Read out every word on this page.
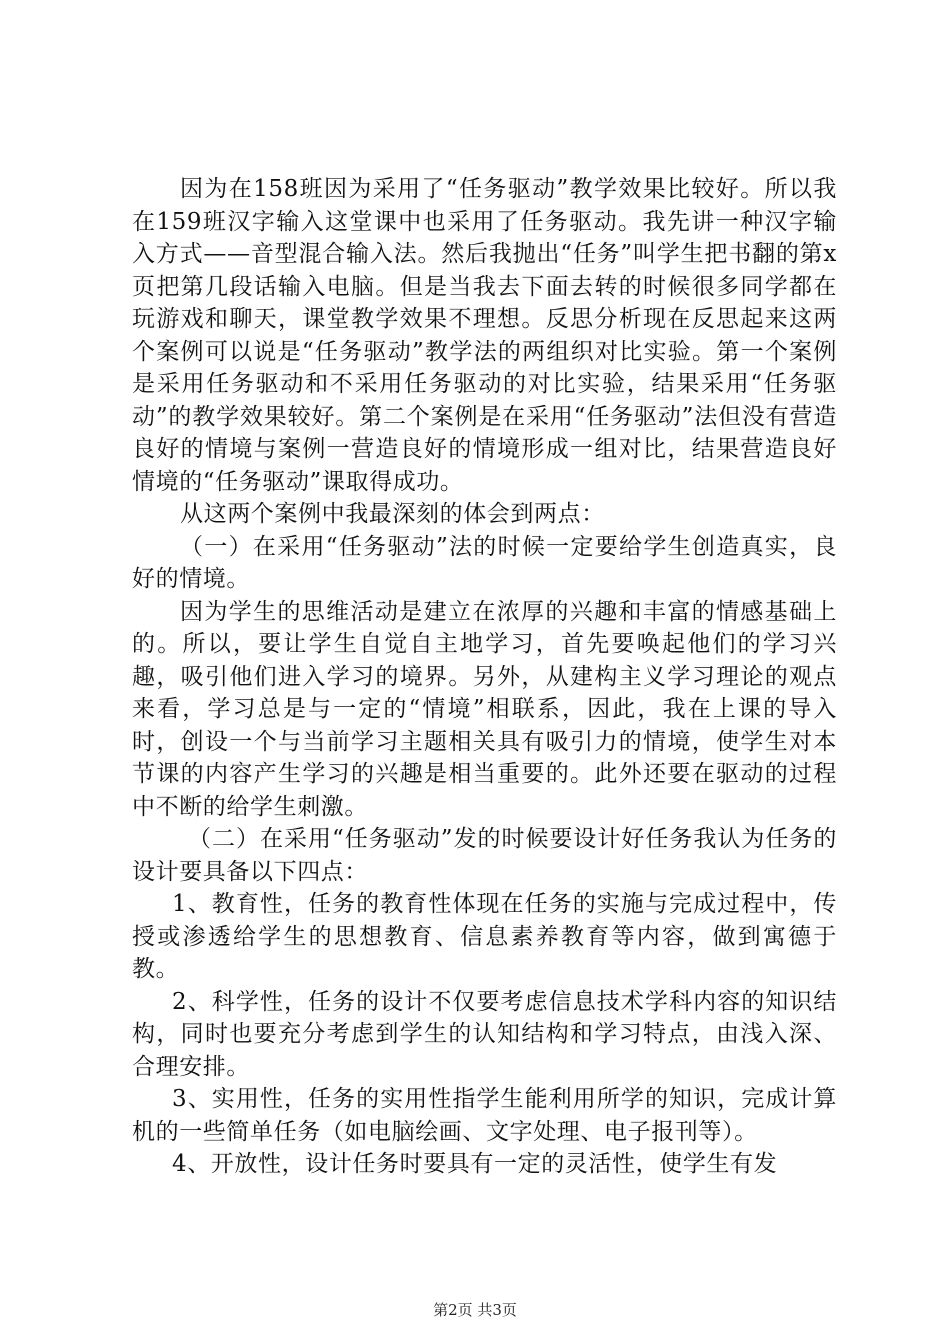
因为在158班因为采用了“任务驱动”教学效果比较好。所以我在159班汉字输入这堂课中也采用了任务驱动。我先讲一种汉字输入方式——音型混合输入法。然后我抛出“任务”叫学生把书翻的第x页把第几段话输入电脑。但是当我去下面去转的时候很多同学都在玩游戏和聊天，课堂教学效果不理想。反思分析现在反思起来这两个案例可以说是“任务驱动”教学法的两组织对比实验。第一个案例是采用任务驱动和不采用任务驱动的对比实验，结果采用“任务驱动”的教学效果较好。第二个案例是在采用“任务驱动”法但没有营造良好的情境与案例一营造良好的情境形成一组对比，结果营造良好情境的“任务驱动”课取得成功。

从这两个案例中我最深刻的体会到两点：

（一）在采用“任务驱动”法的时候一定要给学生创造真实，良好的情境。

因为学生的思维活动是建立在浓厚的兴趣和丰富的情感基础上的。所以，要让学生自觉自主地学习，首先要唤起他们的学习兴趣，吸引他们进入学习的境界。另外，从建构主义学习理论的观点来看，学习总是与一定的“情境”相联系，因此，我在上课的导入时，创设一个与当前学习主题相关具有吸引力的情境，使学生对本节课的内容产生学习的兴趣是相当重要的。此外还要在驱动的过程中不断的给学生刺激。

（二）在采用“任务驱动”发的时候要设计好任务我认为任务的设计要具备以下四点：

1、教育性，任务的教育性体现在任务的实施与完成过程中，传授或渗透给学生的思想教育、信息素养教育等内容，做到寓德于教。

2、科学性，任务的设计不仅要考虑信息技术学科内容的知识结构，同时也要充分考虑到学生的认知结构和学习特点，由浅入深、合理安排。

3、实用性，任务的实用性指学生能利用所学的知识，完成计算机的一些简单任务（如电脑绘画、文字处理、电子报刊等）。

4、开放性，设计任务时要具有一定的灵活性，使学生有发

第2页 共3页
